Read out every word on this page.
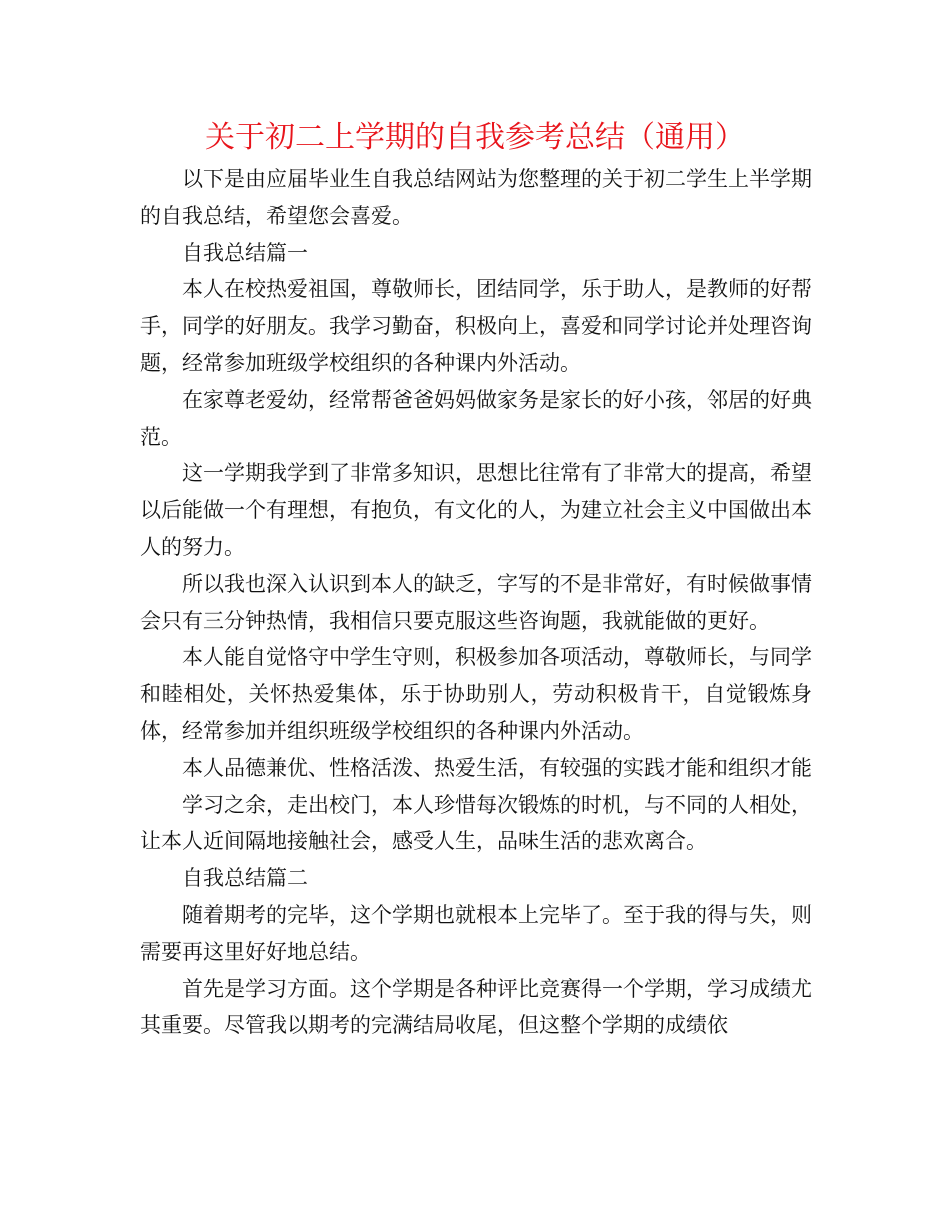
关于初二上学期的自我参考总结（通用）

以下是由应届毕业生自我总结网站为您整理的关于初二学生上半学期的自我总结，希望您会喜爱。

自我总结篇一

本人在校热爱祖国，尊敬师长，团结同学，乐于助人，是教师的好帮手，同学的好朋友。我学习勤奋，积极向上，喜爱和同学讨论并处理咨询题，经常参加班级学校组织的各种课内外活动。

在家尊老爱幼，经常帮爸爸妈妈做家务是家长的好小孩，邻居的好典范。

这一学期我学到了非常多知识，思想比往常有了非常大的提高，希望以后能做一个有理想，有抱负，有文化的人，为建立社会主义中国做出本人的努力。

所以我也深入认识到本人的缺乏，字写的不是非常好，有时候做事情会只有三分钟热情，我相信只要克服这些咨询题，我就能做的更好。

本人能自觉恪守中学生守则，积极参加各项活动，尊敬师长，与同学和睦相处，关怀热爱集体，乐于协助别人，劳动积极肯干，自觉锻炼身体，经常参加并组织班级学校组织的各种课内外活动。

本人品德兼优、性格活泼、热爱生活，有较强的实践才能和组织才能

学习之余，走出校门，本人珍惜每次锻炼的时机，与不同的人相处，让本人近间隔地接触社会，感受人生，品味生活的悲欢离合。

自我总结篇二

随着期考的完毕，这个学期也就根本上完毕了。至于我的得与失，则需要再这里好好地总结。

首先是学习方面。这个学期是各种评比竞赛得一个学期，学习成绩尤其重要。尽管我以期考的完满结局收尾，但这整个学期的成绩依
